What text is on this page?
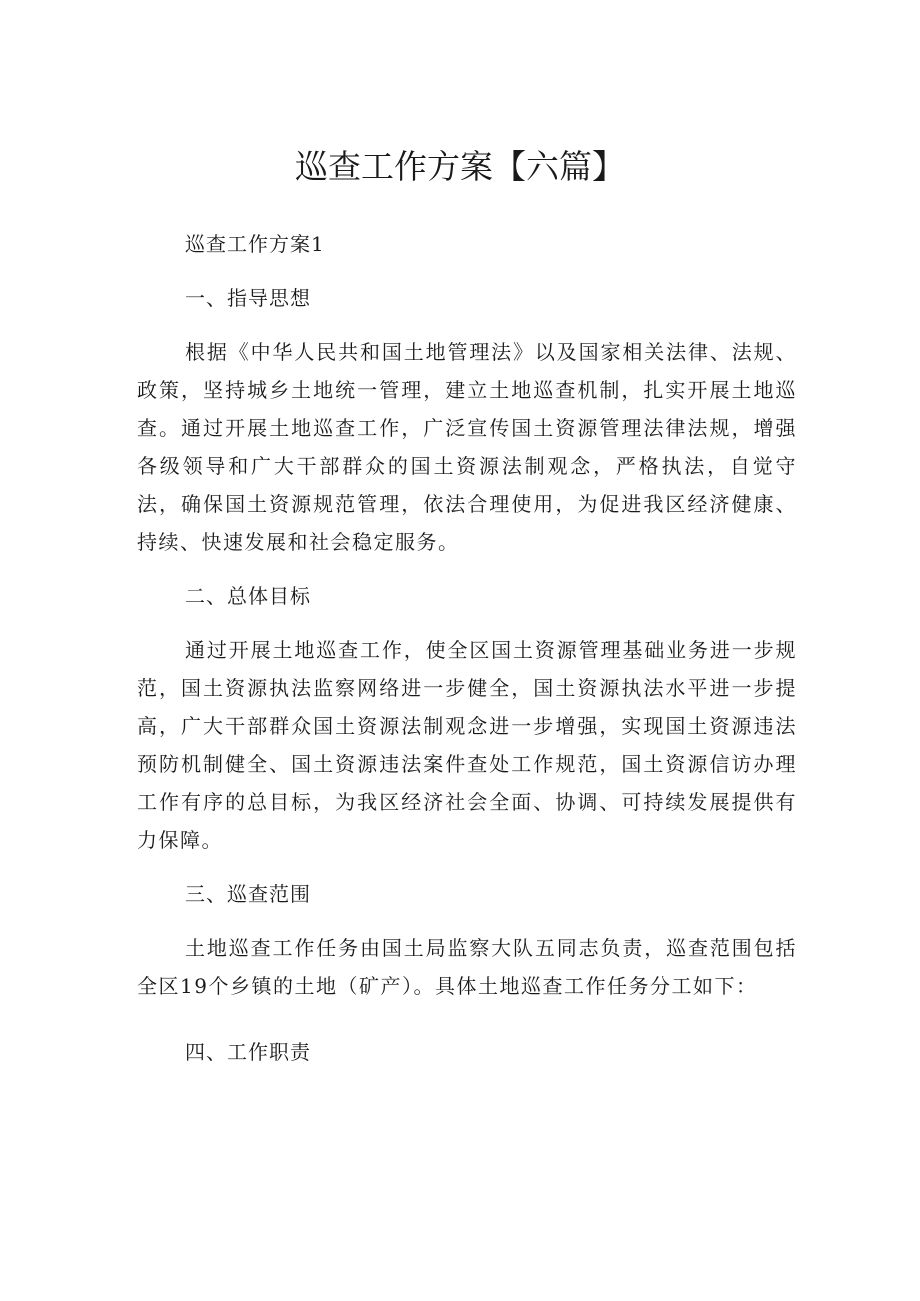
巡查工作方案【六篇】

巡查工作方案1

一、指导思想

根据《中华人民共和国土地管理法》以及国家相关法律、法规、政策，坚持城乡土地统一管理，建立土地巡查机制，扎实开展土地巡查。通过开展土地巡查工作，广泛宣传国土资源管理法律法规，增强各级领导和广大干部群众的国土资源法制观念，严格执法，自觉守法，确保国土资源规范管理，依法合理使用，为促进我区经济健康、持续、快速发展和社会稳定服务。

二、总体目标

通过开展土地巡查工作，使全区国土资源管理基础业务进一步规范，国土资源执法监察网络进一步健全，国土资源执法水平进一步提高，广大干部群众国土资源法制观念进一步增强，实现国土资源违法预防机制健全、国土资源违法案件查处工作规范，国土资源信访办理工作有序的总目标，为我区经济社会全面、协调、可持续发展提供有力保障。

三、巡查范围

土地巡查工作任务由国土局监察大队五同志负责，巡查范围包括全区19个乡镇的土地（矿产）。具体土地巡查工作任务分工如下：

四、工作职责
